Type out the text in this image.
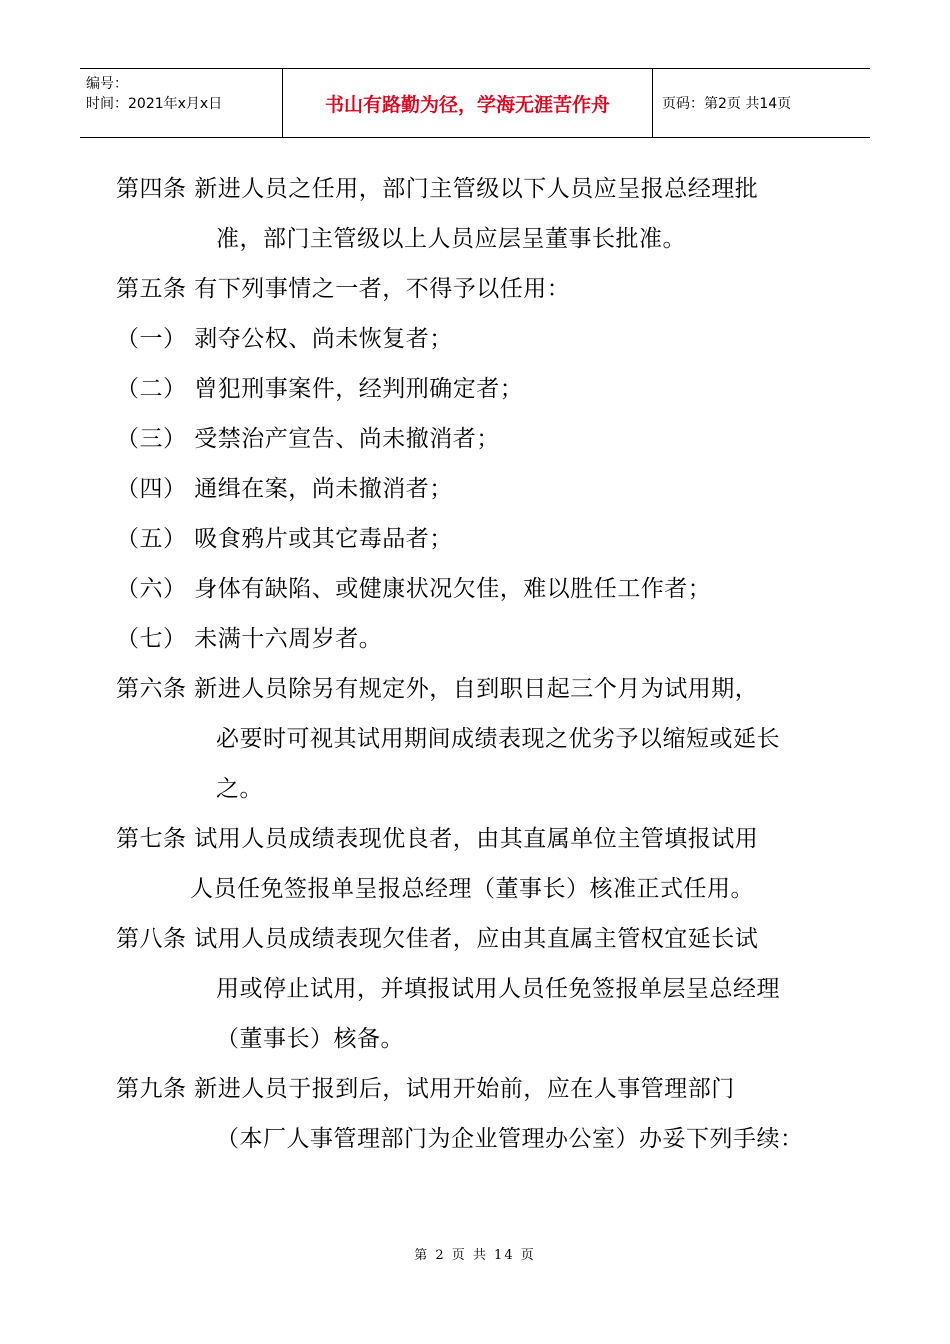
编号：
时间：2021年x月x日	书山有路勤为径，学海无涯苦作舟	页码：第2页 共14页
第四条 新进人员之任用，部门主管级以下人员应呈报总经理批
准，部门主管级以上人员应层呈董事长批准。
第五条 有下列事情之一者，不得予以任用：
（一） 剥夺公权、尚未恢复者；
（二） 曾犯刑事案件，经判刑确定者；
（三） 受禁治产宣告、尚未撤消者；
（四） 通缉在案，尚未撤消者；
（五） 吸食鸦片或其它毒品者；
（六） 身体有缺陷、或健康状况欠佳，难以胜任工作者；
（七） 未满十六周岁者。
第六条 新进人员除另有规定外，自到职日起三个月为试用期，
必要时可视其试用期间成绩表现之优劣予以缩短或延长
之。
第七条 试用人员成绩表现优良者，由其直属单位主管填报试用
人员任免签报单呈报总经理（董事长）核准正式任用。
第八条 试用人员成绩表现欠佳者，应由其直属主管权宜延长试
用或停止试用，并填报试用人员任免签报单层呈总经理
（董事长）核备。
第九条 新进人员于报到后，试用开始前，应在人事管理部门
（本厂人事管理部门为企业管理办公室）办妥下列手续：
第 2 页 共 14 页
